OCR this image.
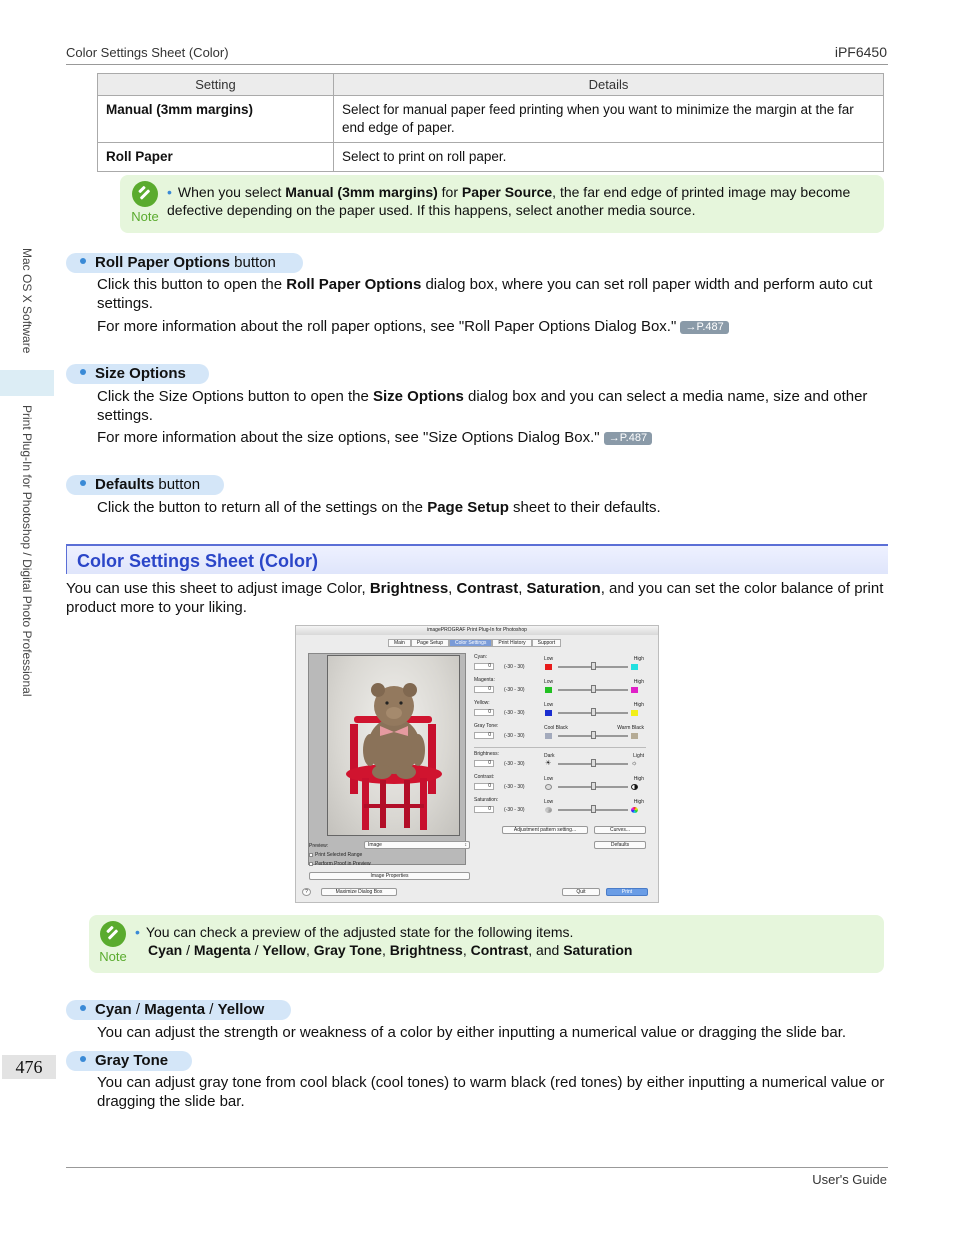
Color Settings Sheet (Color)	iPF6450
Mac OS X Software
Print Plug-In for Photoshop / Digital Photo Professional
Setting	Details
Manual (3mm margins)	Select for manual paper feed printing when you want to minimize the margin at the far end edge of paper.
Roll Paper	Select to print on roll paper.
Note
• When you select Manual (3mm margins) for Paper Source, the far end edge of printed image may become defective depending on the paper used. If this happens, select another media source.
Roll Paper Options button
Click this button to open the Roll Paper Options dialog box, where you can set roll paper width and perform auto cut settings.
For more information about the roll paper options, see "Roll Paper Options Dialog Box." →P.487
Size Options
Click the Size Options button to open the Size Options dialog box and you can select a media name, size and other settings.
For more information about the size options, see "Size Options Dialog Box." →P.487
Defaults button
Click the button to return all of the settings on the Page Setup sheet to their defaults.
Color Settings Sheet (Color)
You can use this sheet to adjust image Color, Brightness, Contrast, Saturation, and you can set the color balance of print product more to your liking.
imagePROGRAF Print Plug-In for Photoshop
Main	Page Setup	Color Settings	Print History	Support
Cyan:
0	(-30 - 30)
Low	High
Magenta:
0	(-30 - 30)
Low	High
Yellow:
0	(-30 - 30)
Low	High
Gray Tone:
0	(-30 - 30)
Cool Black	Warm Black
Brightness:
0	(-30 - 30)
Dark	Light
☀	☼
Contrast:
0	(-30 - 30)
Low	High
Saturation:
0	(-30 - 30)
Low	High
Adjustment pattern setting...	Curves...
Defaults
Preview:	Image	↕
Print Selected Range
Perform Proof in Preview
Image Properties
?	Maximize Dialog Box	Quit	Print
Note
• You can check a preview of the adjusted state for the following items.
Cyan / Magenta / Yellow, Gray Tone, Brightness, Contrast, and Saturation
Cyan / Magenta / Yellow
You can adjust the strength or weakness of a color by either inputting a numerical value or dragging the slide bar.
Gray Tone
You can adjust gray tone from cool black (cool tones) to warm black (red tones) by either inputting a numerical value or dragging the slide bar.
476
User's Guide
